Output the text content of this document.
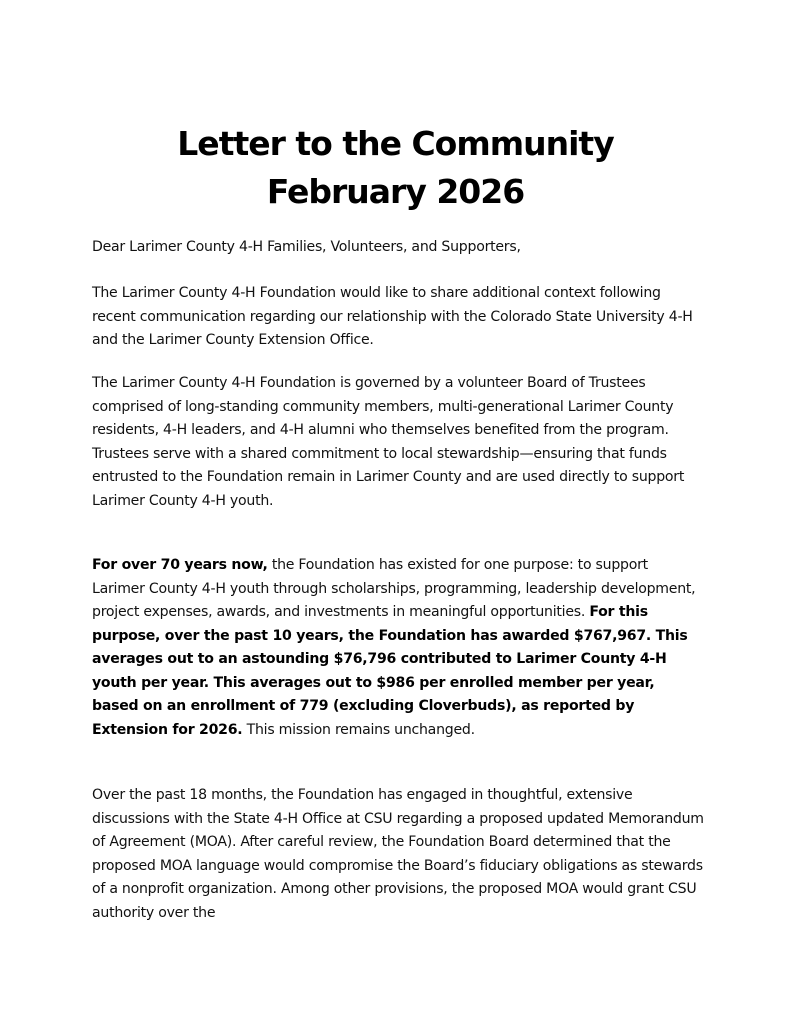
Letter to the Community
February 2026

Dear Larimer County 4-H Families, Volunteers, and Supporters,

The Larimer County 4-H Foundation would like to share additional context following recent communication regarding our relationship with the Colorado State University 4-H and the Larimer County Extension Office.

The Larimer County 4-H Foundation is governed by a volunteer Board of Trustees comprised of long-standing community members, multi-generational Larimer County residents, 4-H leaders, and 4-H alumni who themselves benefited from the program. Trustees serve with a shared commitment to local stewardship—ensuring that funds entrusted to the Foundation remain in Larimer County and are used directly to support Larimer County 4-H youth.

For over 70 years now, the Foundation has existed for one purpose: to support Larimer County 4-H youth through scholarships, programming, leadership development, project expenses, awards, and investments in meaningful opportunities. For this purpose, over the past 10 years, the Foundation has awarded $767,967. This averages out to an astounding $76,796 contributed to Larimer County 4-H youth per year. This averages out to $986 per enrolled member per year, based on an enrollment of 779 (excluding Cloverbuds), as reported by Extension for 2026. This mission remains unchanged.

Over the past 18 months, the Foundation has engaged in thoughtful, extensive discussions with the State 4-H Office at CSU regarding a proposed updated Memorandum of Agreement (MOA). After careful review, the Foundation Board determined that the proposed MOA language would compromise the Board’s fiduciary obligations as stewards of a nonprofit organization. Among other provisions, the proposed MOA would grant CSU authority over the
